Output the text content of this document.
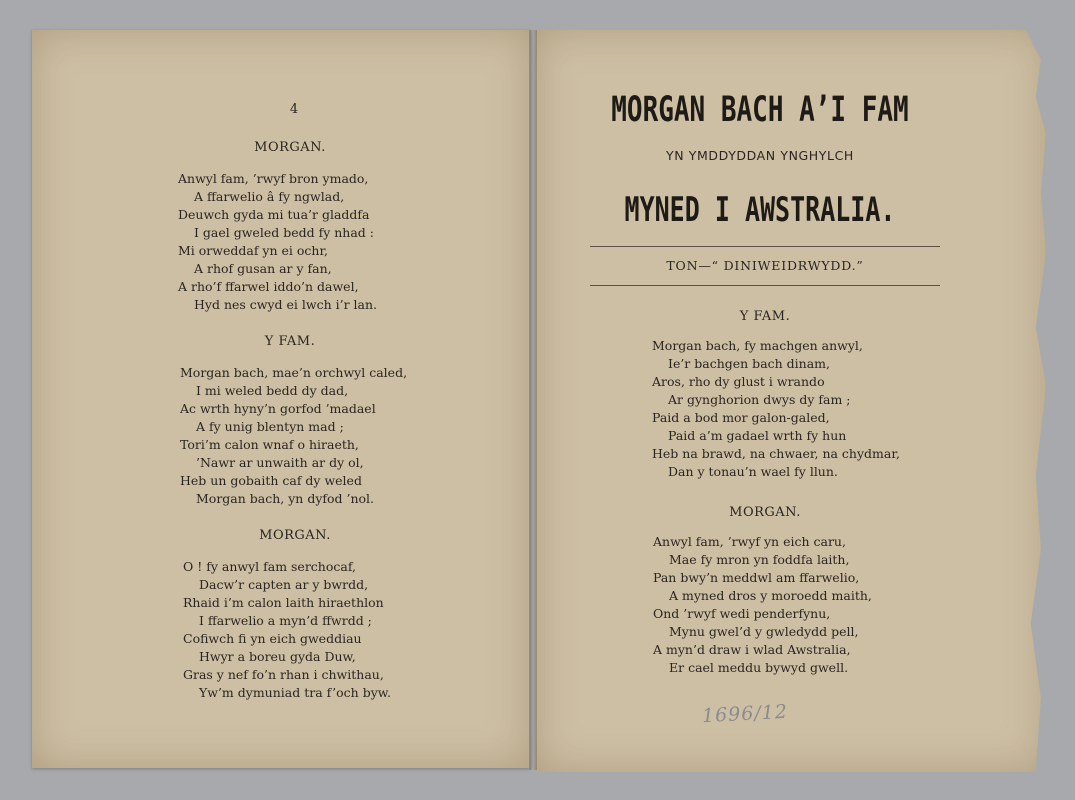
4
MORGAN.
Anwyl fam, ’rwyf bron ymado,
A ffarwelio â fy ngwlad,
Deuwch gyda mi tua’r gladdfa
I gael gweled bedd fy nhad :
Mi orweddaf yn ei ochr,
A rhof gusan ar y fan,
A rho’f ffarwel iddo’n dawel,
Hyd nes cwyd ei lwch i’r lan.
Y FAM.
Morgan bach, mae’n orchwyl caled,
I mi weled bedd dy dad,
Ac wrth hyny’n gorfod ’madael
A fy unig blentyn mad ;
Tori’m calon wnaf o hiraeth,
’Nawr ar unwaith ar dy ol,
Heb un gobaith caf dy weled
Morgan bach, yn dyfod ’nol.
MORGAN.
O ! fy anwyl fam serchocaf,
Dacw’r capten ar y bwrdd,
Rhaid i’m calon laith hiraethlon
I ffarwelio a myn’d ffwrdd ;
Cofiwch fi yn eich gweddiau
Hwyr a boreu gyda Duw,
Gras y nef fo’n rhan i chwithau,
Yw’m dymuniad tra f’och byw.
MORGAN BACH A’I FAM
YN YMDDYDDAN YNGHYLCH
MYNED I AWSTRALIA.
TON—“ DINIWEIDRWYDD.”
Y FAM.
Morgan bach, fy machgen anwyl,
Ie’r bachgen bach dinam,
Aros, rho dy glust i wrando
Ar gynghorion dwys dy fam ;
Paid a bod mor galon-galed,
Paid a’m gadael wrth fy hun
Heb na brawd, na chwaer, na chydmar,
Dan y tonau’n wael fy llun.
MORGAN.
Anwyl fam, ’rwyf yn eich caru,
Mae fy mron yn foddfa laith,
Pan bwy’n meddwl am ffarwelio,
A myned dros y moroedd maith,
Ond ’rwyf wedi penderfynu,
Mynu gwel’d y gwledydd pell,
A myn’d draw i wlad Awstralia,
Er cael meddu bywyd gwell.
1696/12
